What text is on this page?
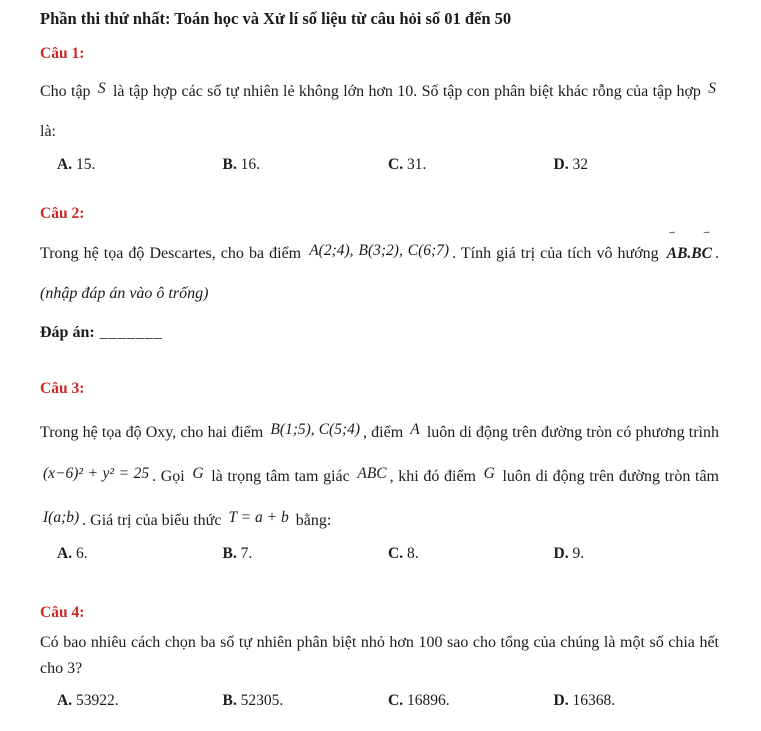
Phần thi thứ nhất: Toán học và Xử lí số liệu từ câu hỏi số 01 đến 50

Câu 1:

Cho tập S là tập hợp các số tự nhiên lẻ không lớn hơn 10. Số tập con phân biệt khác rỗng của tập hợp S là:

A. 15.	B. 16.	C. 31.	D. 32

Câu 2:

Trong hệ tọa độ Descartes, cho ba điểm A(2;4), B(3;2), C(6;7) . Tính giá trị của tích vô hướng
⇀	⇀
AB.BC . (nhập đáp án vào ô trống)

Đáp án: _______

Câu 3:

Trong hệ tọa độ Oxy, cho hai điểm B(1;5), C(5;4) , điểm A luôn di động trên đường tròn có phương trình (x−6)² + y² = 25 . Gọi G là trọng tâm tam giác ABC , khi đó điểm G luôn di động trên đường tròn tâm I(a;b) . Giá trị của biểu thức T = a + b bằng:

A. 6.	B. 7.	C. 8.	D. 9.

Câu 4:

Có bao nhiêu cách chọn ba số tự nhiên phân biệt nhỏ hơn 100 sao cho tổng của chúng là một số chia hết cho 3?

A. 53922.	B. 52305.	C. 16896.	D. 16368.
